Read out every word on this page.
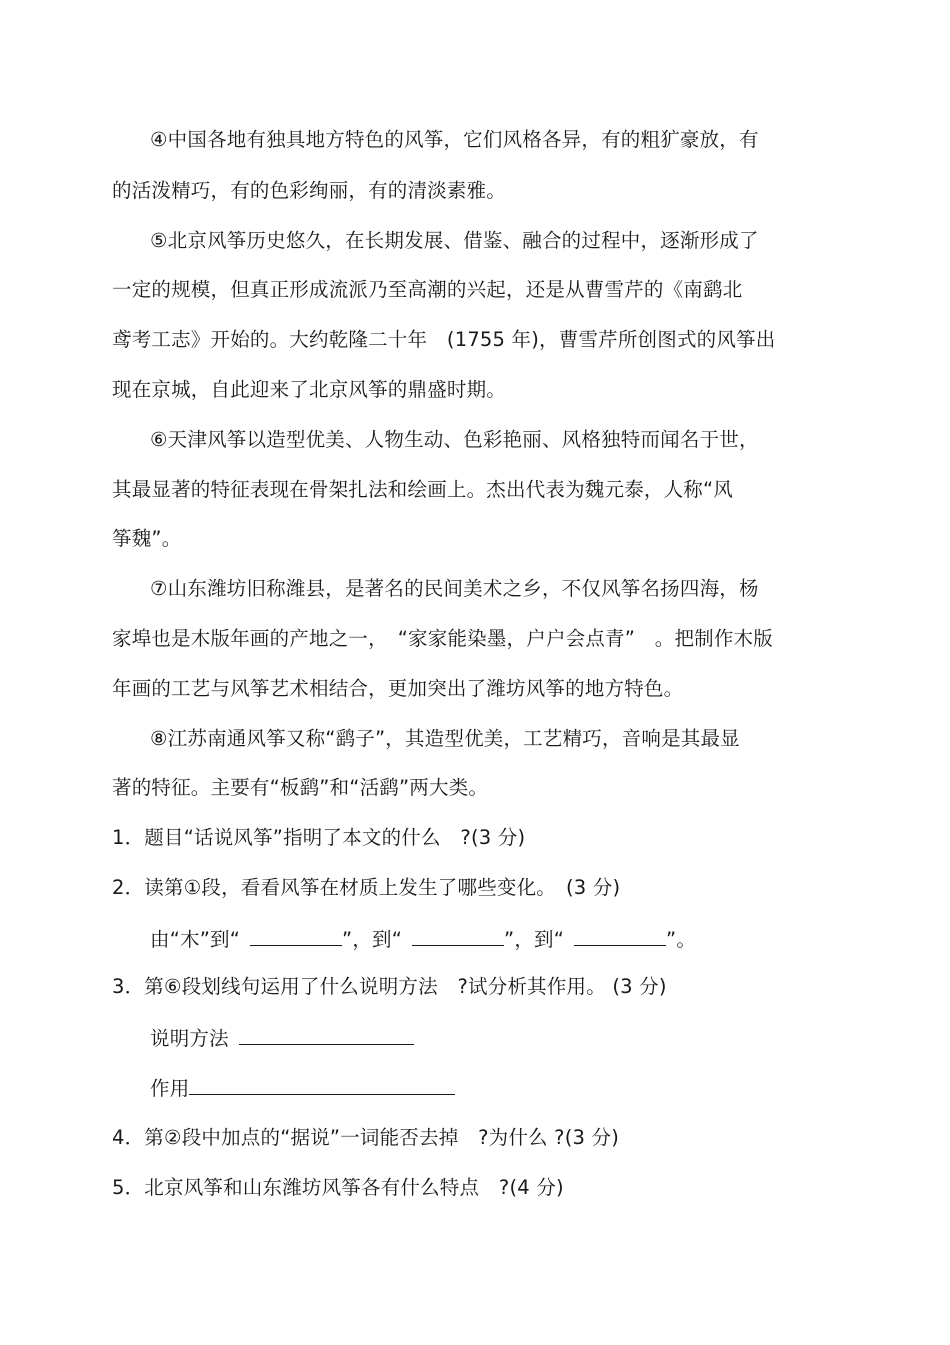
④中国各地有独具地方特色的风筝，它们风格各异，有的粗犷豪放，有
的活泼精巧，有的色彩绚丽，有的清淡素雅。
⑤北京风筝历史悠久，在长期发展、借鉴、融合的过程中，逐渐形成了
一定的规模，但真正形成流派乃至高潮的兴起，还是从曹雪芹的《南鹞北
鸢考工志》开始的。大约乾隆二十年　(1755 年)，曹雪芹所创图式的风筝出
现在京城，自此迎来了北京风筝的鼎盛时期。
⑥天津风筝以造型优美、人物生动、色彩艳丽、风格独特而闻名于世，
其最显著的特征表现在骨架扎法和绘画上。杰出代表为魏元泰，人称“风
筝魏”。
⑦山东潍坊旧称潍县，是著名的民间美术之乡，不仅风筝名扬四海，杨
家埠也是木版年画的产地之一，　“家家能染墨，户户会点青”　。把制作木版
年画的工艺与风筝艺术相结合，更加突出了潍坊风筝的地方特色。
⑧江苏南通风筝又称“鹞子”，其造型优美，工艺精巧，音响是其最显
著的特征。主要有“板鹞”和“活鹞”两大类。
1．题目“话说风筝”指明了本文的什么　?(3 分)
2．读第①段，看看风筝在材质上发生了哪些变化。　(3 分)
由“木”到“	”，到“	”，到“	”。
3．第⑥段划线句运用了什么说明方法　?试分析其作用。 (3 分)
说明方法
作用
4．第②段中加点的“据说”一词能否去掉　?为什么 ?(3 分)
5．北京风筝和山东潍坊风筝各有什么特点　?(4 分)
